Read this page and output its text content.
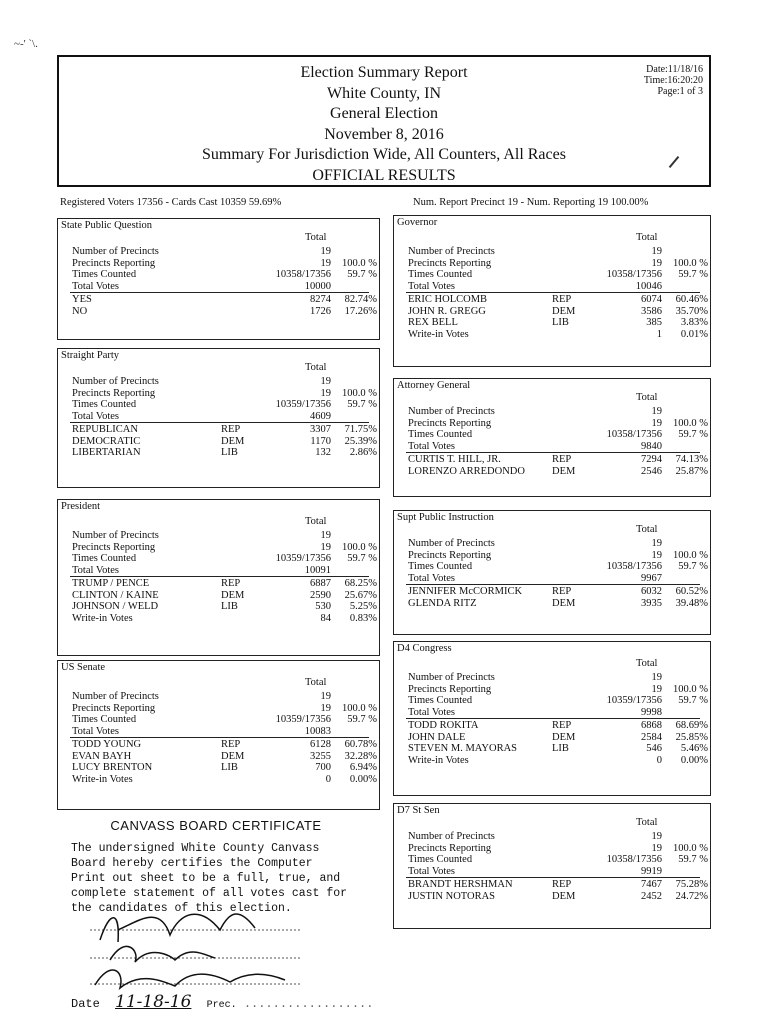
~-' `\.
Election Summary Report
White County, IN
General Election
November 8, 2016
Summary For Jurisdiction Wide, All Counters, All Races
OFFICIAL RESULTS
Date:11/18/16
Time:16:20:20
Page:1 of 3
Registered Voters 17356 - Cards Cast 10359 59.69%	Num. Report Precinct 19 - Num. Reporting 19 100.00%
State Public Question
Total
Number of Precincts	19
Precincts Reporting	19	100.0 %
Times Counted	10358/17356	59.7 %
Total Votes	10000
YES	8274	82.74%
NO	1726	17.26%
Straight Party
Total
Number of Precincts	19
Precincts Reporting	19	100.0 %
Times Counted	10359/17356	59.7 %
Total Votes	4609
REPUBLICAN	REP	3307	71.75%
DEMOCRATIC	DEM	1170	25.39%
LIBERTARIAN	LIB	132	2.86%
President
Total
Number of Precincts	19
Precincts Reporting	19	100.0 %
Times Counted	10359/17356	59.7 %
Total Votes	10091
TRUMP / PENCE	REP	6887	68.25%
CLINTON / KAINE	DEM	2590	25.67%
JOHNSON / WELD	LIB	530	5.25%
Write-in Votes	84	0.83%
US Senate
Total
Number of Precincts	19
Precincts Reporting	19	100.0 %
Times Counted	10359/17356	59.7 %
Total Votes	10083
TODD YOUNG	REP	6128	60.78%
EVAN BAYH	DEM	3255	32.28%
LUCY BRENTON	LIB	700	6.94%
Write-in Votes	0	0.00%
Governor
Total
Number of Precincts	19
Precincts Reporting	19	100.0 %
Times Counted	10358/17356	59.7 %
Total Votes	10046
ERIC HOLCOMB	REP	6074	60.46%
JOHN R. GREGG	DEM	3586	35.70%
REX BELL	LIB	385	3.83%
Write-in Votes	1	0.01%
Attorney General
Total
Number of Precincts	19
Precincts Reporting	19	100.0 %
Times Counted	10358/17356	59.7 %
Total Votes	9840
CURTIS T. HILL, JR.	REP	7294	74.13%
LORENZO ARREDONDO	DEM	2546	25.87%
Supt Public Instruction
Total
Number of Precincts	19
Precincts Reporting	19	100.0 %
Times Counted	10358/17356	59.7 %
Total Votes	9967
JENNIFER McCORMICK	REP	6032	60.52%
GLENDA RITZ	DEM	3935	39.48%
D4 Congress
Total
Number of Precincts	19
Precincts Reporting	19	100.0 %
Times Counted	10359/17356	59.7 %
Total Votes	9998
TODD ROKITA	REP	6868	68.69%
JOHN DALE	DEM	2584	25.85%
STEVEN M. MAYORAS	LIB	546	5.46%
Write-in Votes	0	0.00%
D7 St Sen
Total
Number of Precincts	19
Precincts Reporting	19	100.0 %
Times Counted	10358/17356	59.7 %
Total Votes	9919
BRANDT HERSHMAN	REP	7467	75.28%
JUSTIN NOTORAS	DEM	2452	24.72%
CANVASS BOARD CERTIFICATE
The undersigned White County Canvass
Board hereby certifies the Computer
Print out sheet to be a full, true, and
complete statement of all votes cast for
the candidates of this election.
Date 11-18-16 Prec. ..................
